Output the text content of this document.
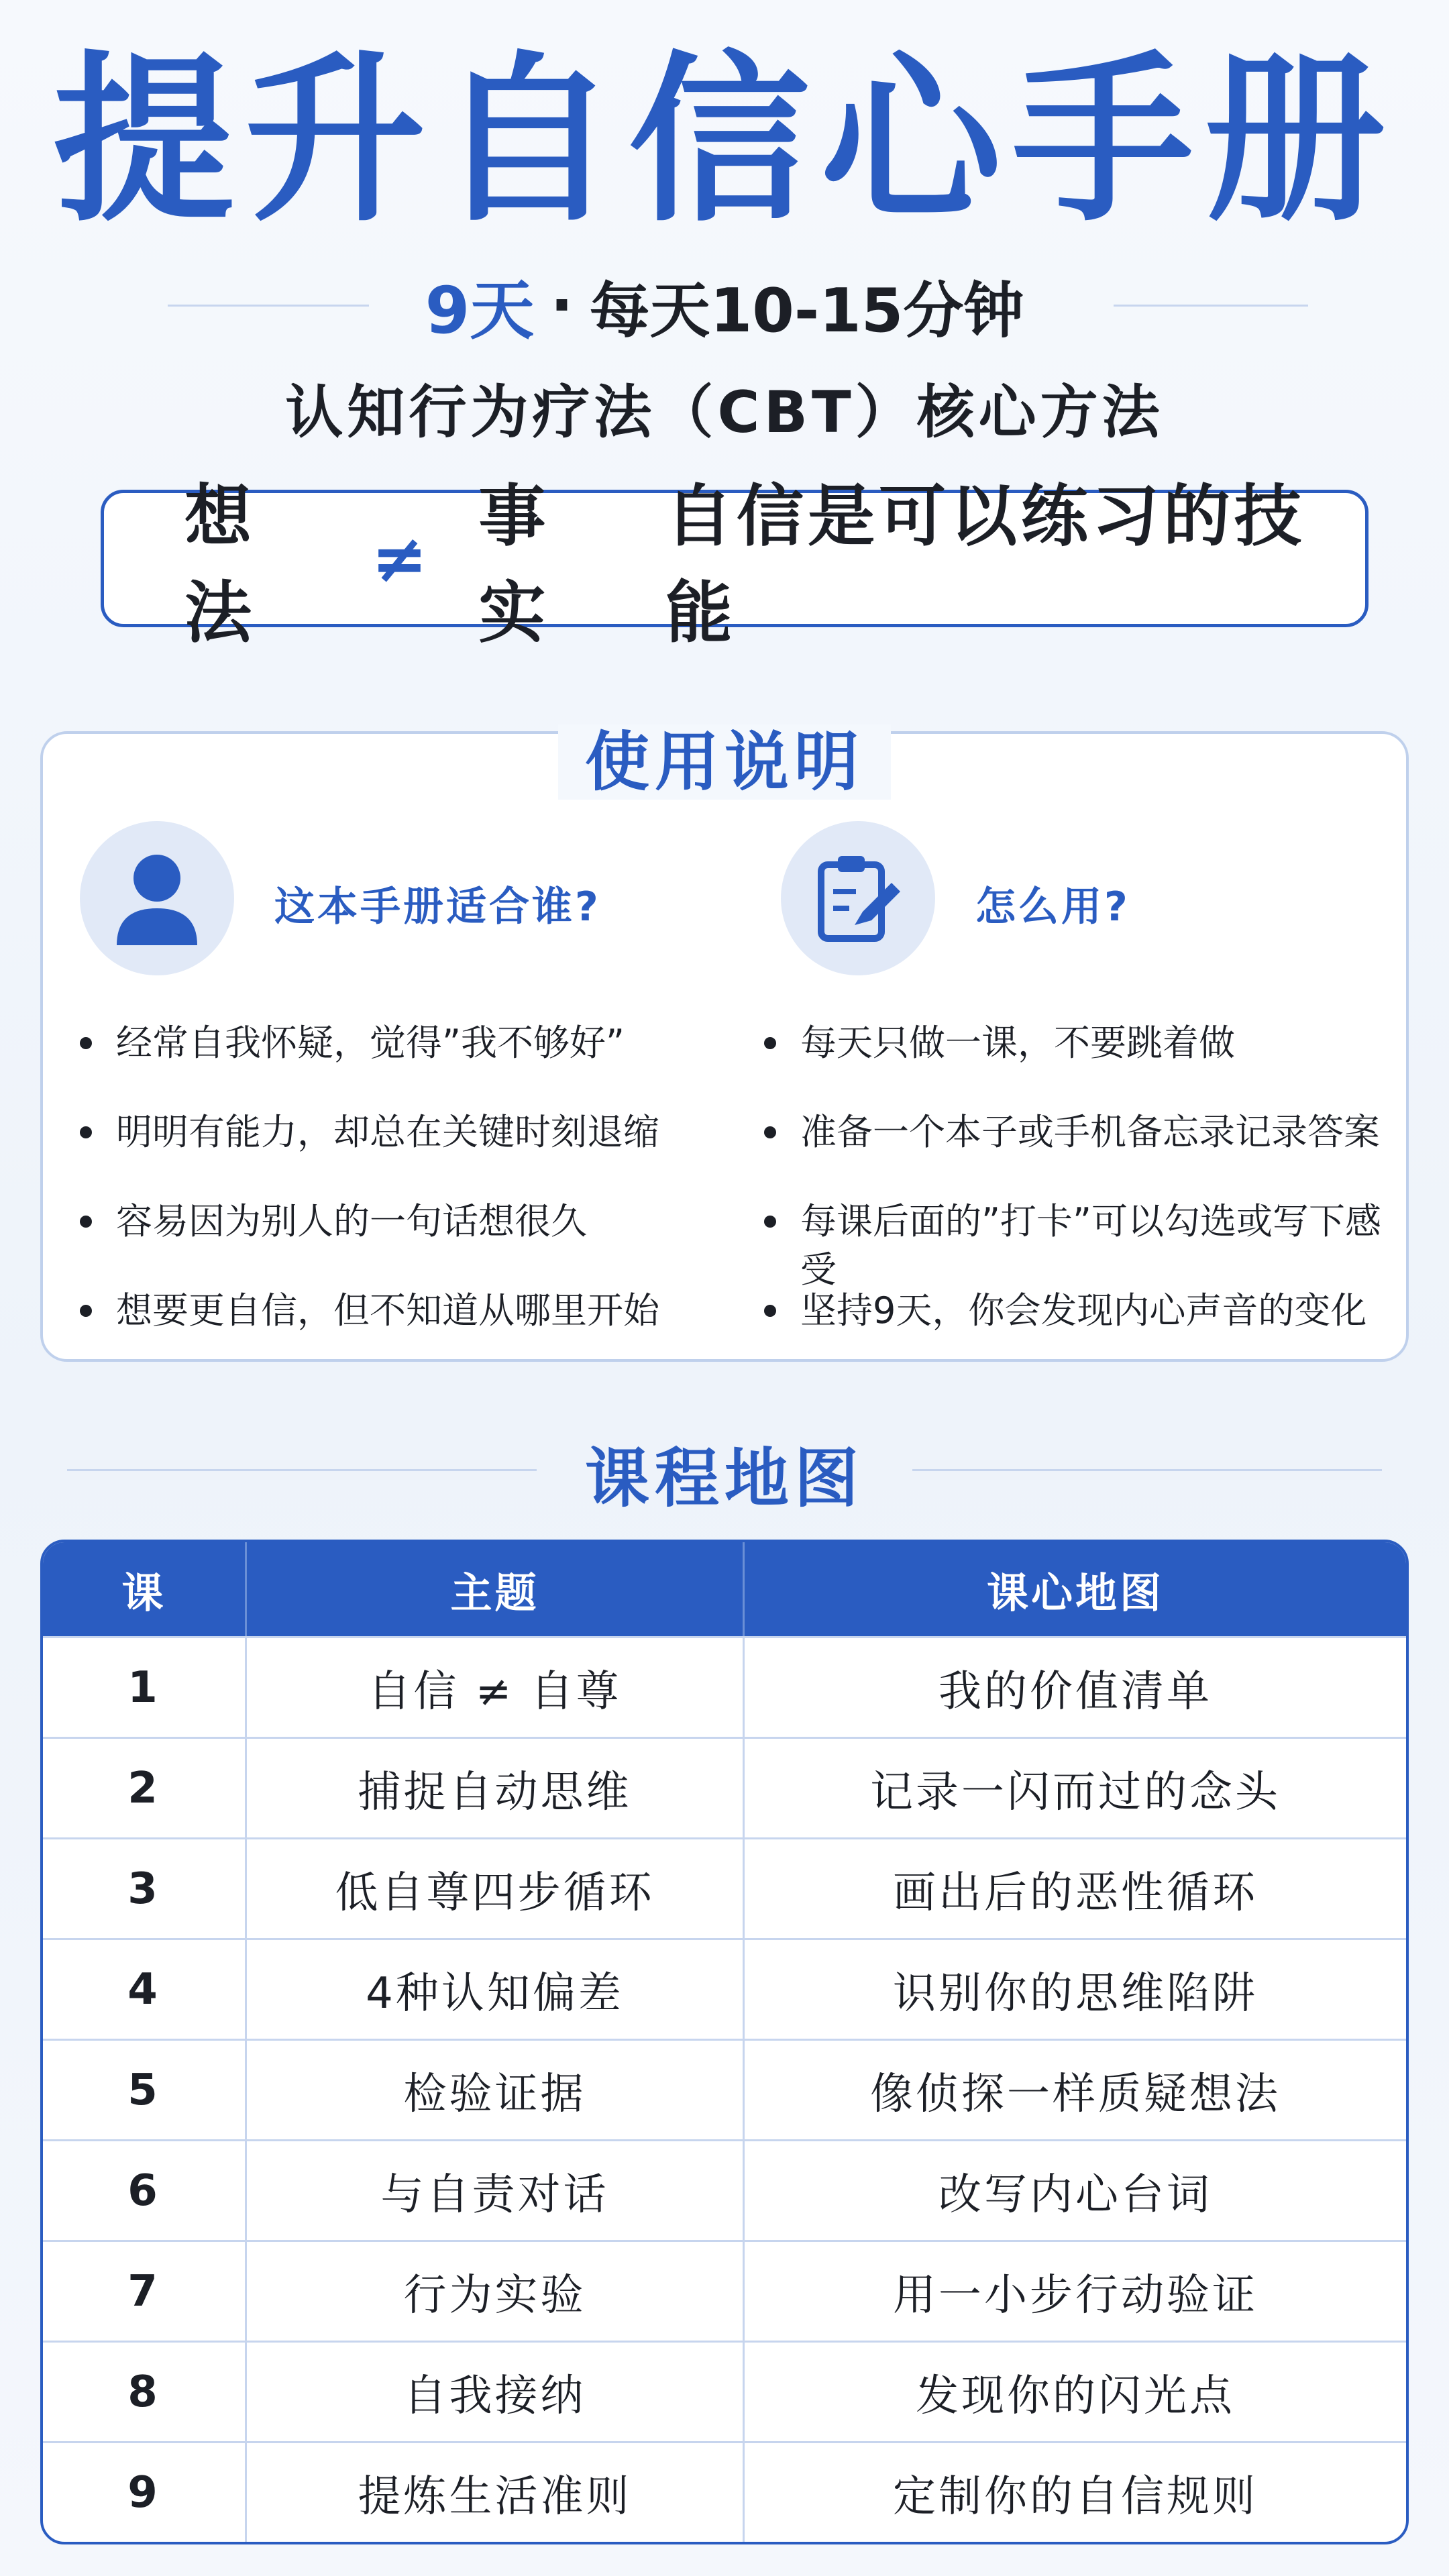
提升自信心手册
9天 · 每天10-15分钟
认知行为疗法（CBT）核心方法
想法
≠
事实
自信是可以练习的技能
这本手册适合谁?
经常自我怀疑，觉得”我不够好”
明明有能力，却总在关键时刻退缩
容易因为别人的一句话想很久
想要更自信，但不知道从哪里开始
怎么用?
每天只做一课，不要跳着做
准备一个本子或手机备忘录记录答案
每课后面的”打卡”可以勾选或写下感受
坚持9天，你会发现内心声音的变化
使用说明
课程地图
课	主题	课心地图
1	自信 ≠ 自尊	我的价值清单
2	捕捉自动思维	记录一闪而过的念头
3	低自尊四步循环	画出后的恶性循环
4	4种认知偏差	识别你的思维陷阱
5	检验证据	像侦探一样质疑想法
6	与自责对话	改写内心台词
7	行为实验	用一小步行动验证
8	自我接纳	发现你的闪光点
9	提炼生活准则	定制你的自信规则
